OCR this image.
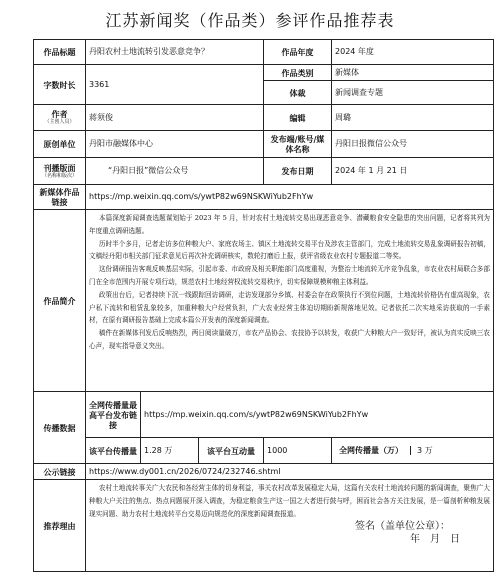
江苏新闻奖（作品类）参评作品推荐表
作品标题	丹阳农村土地流转引发恶意竞争？			作品年度	2024 年度
字数时长	3361			作品类别	新媒体
				体裁	新闻调查专题
作者
（主创人员）	蒋须俊			编辑	周璐
原创单位	丹阳市融媒体中心			发布端/账号/媒体名称	丹阳日报微信公众号
刊播版面
（名称和版次）	“丹阳日报”微信公众号			发布日期	2024 年 1 月 21 日
新媒体作品链接	https://mp.weixin.qq.com/s/ywtP82w69NSKWiYub2FhYw				
作品简介	本篇深度新闻调查选题谋划始于 2023 年 5 月，针对农村土地流转交易出现恶意竞争、潜藏粮食安全隐患的突出问题，记者将其列为年度重点调研选题。

历时半个多月，记者走访多位种粮大户、家庭农场主、镇区土地流转交易平台及涉农主管部门，完成土地流转交易乱象调研报告初稿，文稿经丹阳市相关部门征求意见后再次补充调研核实，数轮打磨后上报，获评省级农业农村专题报道二等奖。

这份调研报告客观反映基层实际，引起市委、市政府及相关职能部门高度重视，为整治土地流转无序竞争乱象，市农业农村局联合多部门在全市范围内开展专项行动，规范农村土地经营权流转交易秩序，切实保障规模种粮主体利益。

政策出台后，记者持续下沉一线跟踪回访调研，走访发现部分乡镇、村委会存在政策执行不到位问题，土地流转价格仍有虚高现象，农户私下流转和租赁乱象较多，加重种粮大户经营负担，广大农业经营主体迫切期盼新规落地见效。记者依托二次实地采访获取的一手素材，在原有调研报告基础上完成本篇公开发表的深度新闻调查。

稿件在新媒体刊发后反响热烈，两日阅读量破万，市农产品协会、农技协予以转发，收获广大种粮大户一致好评，被认为真实反映三农心声，现实指导意义突出。				

传播数据	全网传播量最高平台发布链接	https://mp.weixin.qq.com/s/ywtP82w69NSKWiYub2FhYw			
	该平台传播量	1.28 万	该平台互动量	1000	全网传播量（万） 3 万

公示链接	https://www.dy001.cn/2026/0724/232746.shtml				
推荐理由	农村土地流转事关广大农民和各经营主体的切身利益，事关农村改革发展稳定大局，这篇有关农村土地流转问题的新闻调查，聚焦广大种粮大户关注的焦点、热点问题展开深入调查，为稳定粮食生产这一国之大者进行鼓与呼，困而社会各方关注发展，是一篇剖析种粮发展现实问题、助力农村土地流转平台交易迈向规范化的深度新闻调查报道。

签名（盖单位公章）：
年　月　日				
